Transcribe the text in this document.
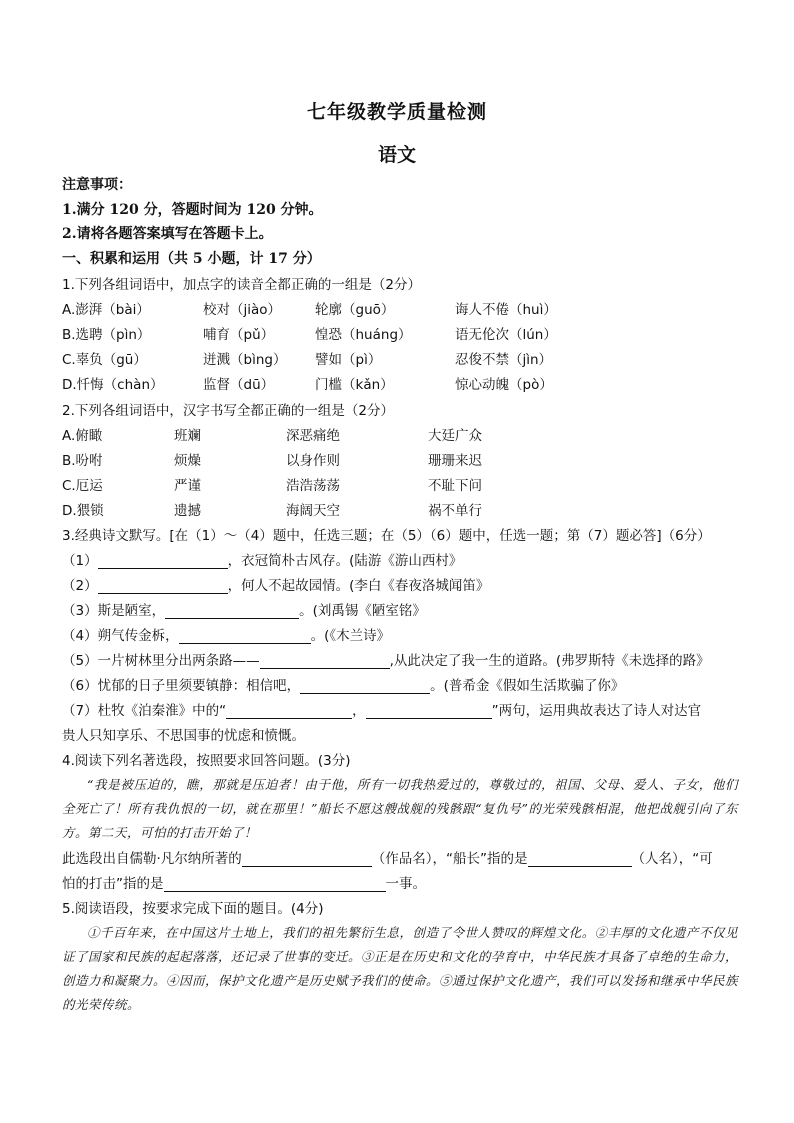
七年级教学质量检测
语文
注意事项：
1.满分 120 分，答题时间为 120 分钟。
2.请将各题答案填写在答题卡上。
一、积累和运用（共 5 小题，计 17 分）
1.下列各组词语中，加点字的读音全都正确的一组是（2分）
A.澎湃（bài）	校对（jiào）	轮廓（guō）	诲人不倦（huì）
B.选聘（pìn）	哺育（pǔ）	惶恐（huáng）	语无伦次（lún）
C.辜负（gū）	迸溅（bìng） 譬如（pì）	忍俊不禁（jìn）
D.忏悔（chàn）	监督（dū）	门槛（kǎn）	惊心动魄（pò）
2.下列各组词语中，汉字书写全都正确的一组是（2分）
A.俯瞰	班斓	深恶痛绝	大廷广众
B.吩咐	烦燥	以身作则	珊珊来迟
C.厄运	严谨	浩浩荡荡	不耻下问
D.猥锁	遗撼	海阔天空	祸不单行
3.经典诗文默写。[在（1）～（4）题中，任选三题；在（5）（6）题中，任选一题；第（7）题必答]（6分）
（1）	，衣冠简朴古风存。(陆游《游山西村》
（2）	，何人不起故园情。(李白《春夜洛城闻笛》
（3）斯是陋室，	。(刘禹锡《陋室铭》
（4）朔气传金柝，	。(《木兰诗》
（5）一片树林里分出两条路——	,从此决定了我一生的道路。(弗罗斯特《未选择的路》
（6）忧郁的日子里须要镇静：相信吧，	。(普希金《假如生活欺骗了你》
（7）杜牧《泊秦淮》中的“	，	”两句，运用典故表达了诗人对达官
贵人只知享乐、不思国事的忧虑和愤慨。
4.阅读下列名著选段，按照要求回答问题。(3分)
“我是被压迫的，瞧，那就是压迫者！由于他，所有一切我热爱过的，尊敬过的，祖国、父母、爱人、子女，他们全死亡了！所有我仇恨的一切，就在那里！”船长不愿这艘战舰的残骸跟“复仇号”的光荣残骸相混，他把战舰引向了东方。第二天，可怕的打击开始了！
此选段出自儒勒·凡尔纳所著的	（作品名），“船长”指的是	（人名），“可
怕的打击”指的是	一事。
5.阅读语段，按要求完成下面的题目。(4分)
①千百年来，在中国这片土地上，我们的祖先繁衍生息，创造了令世人赞叹的辉煌文化。②丰厚的文化遗产不仅见证了国家和民族的起起落落，还记录了世事的变迁。③正是在历史和文化的孕育中，中华民族才具备了卓绝的生命力，创造力和凝聚力。④因而，保护文化遗产是历史赋予我们的使命。⑤通过保护文化遗产，我们可以发扬和继承中华民族的光荣传统。
